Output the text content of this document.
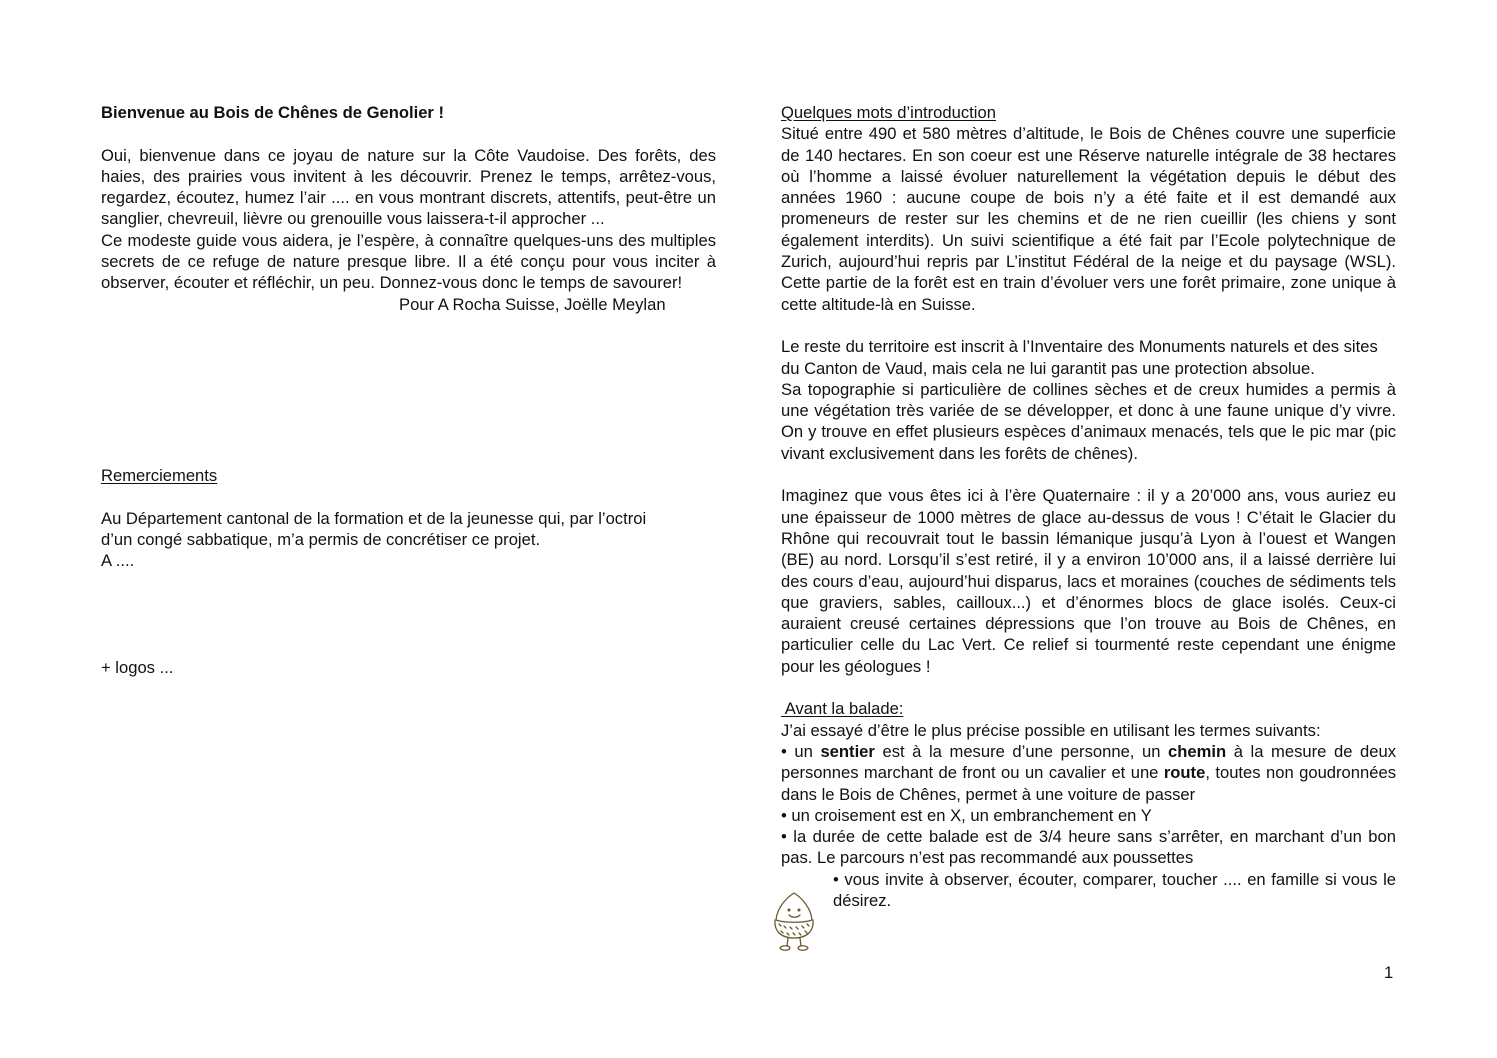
Bienvenue au Bois de Chênes de Genolier !

Oui, bienvenue dans ce joyau de nature sur la Côte Vaudoise. Des forêts, des haies, des prairies vous invitent à les découvrir. Prenez le temps, arrêtez-vous, regardez, écoutez, humez l’air .... en vous montrant discrets, attentifs, peut-être un sanglier, chevreuil, lièvre ou grenouille vous laissera-t-il approcher ...

Ce modeste guide vous aidera, je l’espère, à connaître quelques-uns des multiples secrets de ce refuge de nature presque libre. Il a été conçu pour vous inciter à observer, écouter et réfléchir, un peu. Donnez-vous donc le temps de savourer!

Pour A Rocha Suisse, Joëlle Meylan

Remerciements

Au Département cantonal de la formation et de la jeunesse qui, par l’octroi

d’un congé sabbatique, m’a permis de concrétiser ce projet.

A ....

+ logos ...

Quelques mots d’introduction

Situé entre 490 et 580 mètres d’altitude, le Bois de Chênes couvre une superficie de 140 hectares. En son coeur est une Réserve naturelle intégrale de 38 hectares où l’homme a laissé évoluer naturellement la végétation depuis le début des années 1960 : aucune coupe de bois n’y a été faite et il est demandé aux promeneurs de rester sur les chemins et de ne rien cueillir (les chiens y sont également interdits). Un suivi scientifique a été fait par l’Ecole polytechnique de Zurich, aujourd’hui repris par L’institut Fédéral de la neige et du paysage (WSL). Cette partie de la forêt est en train d’évoluer vers une forêt primaire, zone unique à cette altitude-là en Suisse.

Le reste du territoire est inscrit à l’Inventaire des Monuments naturels et des sites du Canton de Vaud, mais cela ne lui garantit pas une protection absolue.

Sa topographie si particulière de collines sèches et de creux humides a permis à une végétation très variée de se développer, et donc à une faune unique d’y vivre. On y trouve en effet plusieurs espèces d’animaux menacés, tels que le pic mar (pic vivant exclusivement dans les forêts de chênes).

Imaginez que vous êtes ici à l’ère Quaternaire : il y a 20’000 ans, vous auriez eu une épaisseur de 1000 mètres de glace au-dessus de vous ! C’était le Glacier du Rhône qui recouvrait tout le bassin lémanique jusqu’à Lyon à l’ouest et Wangen (BE) au nord. Lorsqu’il s’est retiré, il y a environ 10’000 ans, il a laissé derrière lui des cours d’eau, aujourd’hui disparus, lacs et moraines (couches de sédiments tels que graviers, sables, cailloux...) et d’énormes blocs de glace isolés. Ceux-ci auraient creusé certaines dépressions que l’on trouve au Bois de Chênes, en particulier celle du Lac Vert. Ce relief si tourmenté reste cependant une énigme pour les géologues !

Avant la balade:

J’ai essayé d’être le plus précise possible en utilisant les termes suivants:

• un sentier est à la mesure d’une personne, un chemin à la mesure de deux personnes marchant de front ou un cavalier et une route, toutes non goudronnées dans le Bois de Chênes, permet à une voiture de passer

• un croisement est en X, un embranchement en Y

• la durée de cette balade est de 3/4 heure sans s’arrêter, en marchant d’un bon pas. Le parcours n’est pas recommandé aux poussettes

• vous invite à observer, écouter, comparer, toucher .... en famille si vous le désirez.

1
